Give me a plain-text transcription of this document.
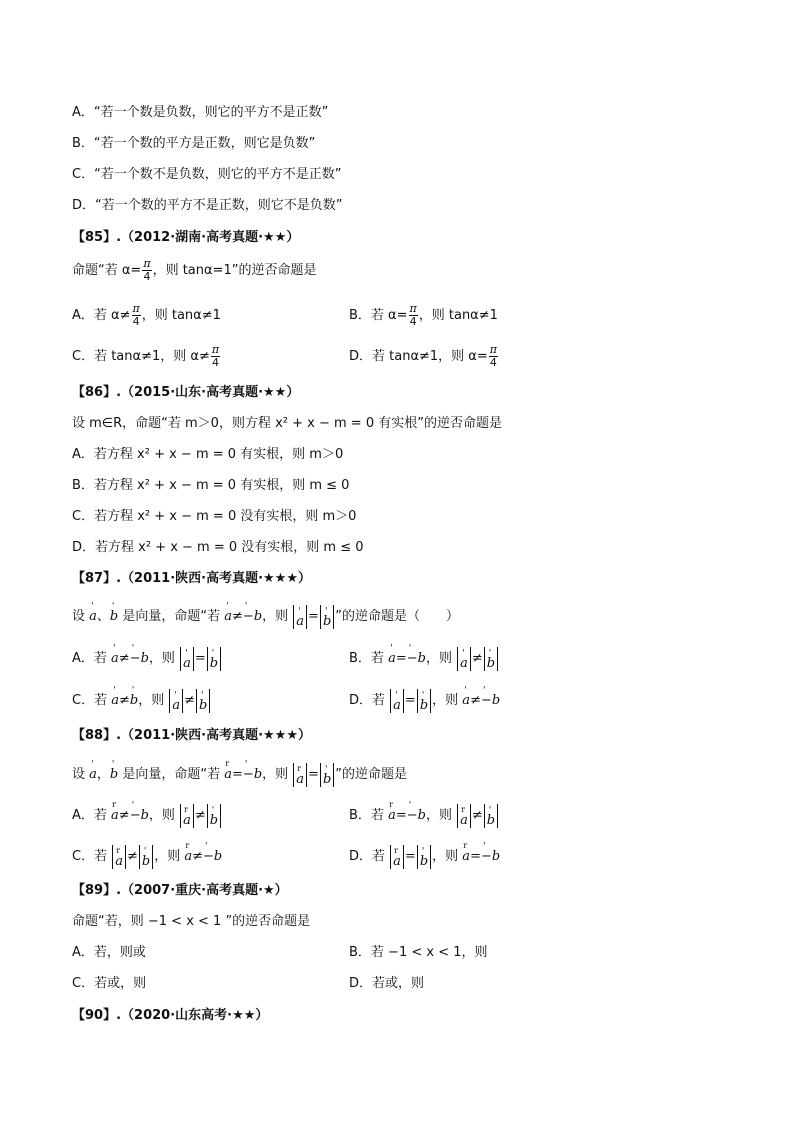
A．“若一个数是负数，则它的平方不是正数”
B．“若一个数的平方是正数，则它是负数”
C．“若一个数不是负数，则它的平方不是正数”
D．“若一个数的平方不是正数，则它不是负数”
【85】.（2012·湖南·高考真题·★★）
命题“若 $\alpha= \frac{\pi}{4}$ ，则 tanα=1”的逆否命题是
A．若 $\alpha\ne \frac{\pi}{4}$ ，则 tanα≠1	B．若 $\alpha= \frac{\pi}{4}$ ，则 tanα≠1
C．若 tanα≠1，则 $\alpha\ne \frac{\pi}{4}$	D．若 tanα≠1，则 $\alpha= \frac{\pi}{4}$
【86】.（2015·山东·高考真题·★★）
设 m∈R，命题“若 m＞0，则方程 x² + x − m = 0 有实根”的逆否命题是
A．若方程 x² + x − m = 0 有实根，则 m＞0
B．若方程 x² + x − m = 0 有实根，则 m ≤ 0
C．若方程 x² + x − m = 0 没有实根，则 m＞0
D．若方程 x² + x − m = 0 没有实根，则 m ≤ 0
【87】.（2011·陕西·高考真题·★★★）
设 ' a、' b 是向量，命题“若 ' a≠' −b，则 ' a = ' b ”的逆命题是（　　）
A．若 ' a≠' −b，则 ' a = ' b	B．若 ' a=' −b，则 ' a ≠ ' b
C．若 ' a≠' b，则 ' a ≠ ' b	D．若 ' a = ' b ，则 ' a≠' −b
【88】.（2011·陕西·高考真题·★★★）
设 ' a，' b 是向量，命题“若 r a=' −b，则 r a = ' b ”的逆命题是
A．若 r a≠' −b，则 r a ≠ ' b	B．若 r a=' −b，则 r a ≠ ' b
C．若 r a ≠ ' b ，则 r a≠' −b	D．若 r a = ' b ，则 r a=' −b
【89】.（2007·重庆·高考真题·★）
命题“若，则 −1 < x < 1 ”的逆否命题是
A．若，则或	B．若 −1 < x < 1，则
C．若或，则	D．若或，则
【90】.（2020·山东高考·★★）
